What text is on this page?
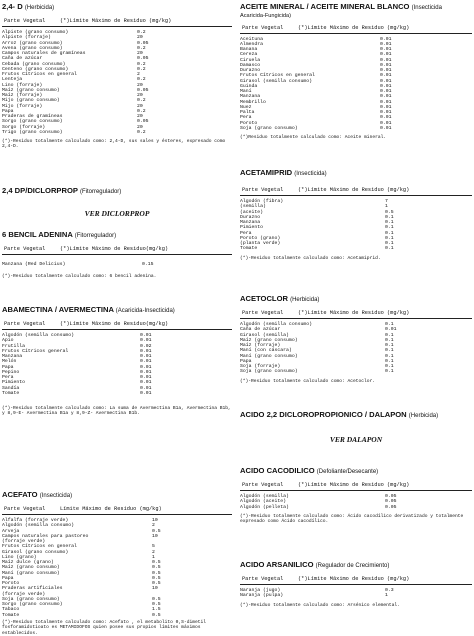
2,4- D (Herbicida)
Parte Vegetal	(*)Límite Máximo de Residuo (mg/kg)
Alpiste (grano consumo)	0.2
Alpiste (forraje)	20
Arroz (grano consumo)	0.05
Avena (grano consumo)	0.2
Campos naturales de gramíneas	20
Caña de azúcar	0.05
Cebada (grano consumo)	0.2
Centeno (grano consumo)	0.2
Frutos Cítricos en general	2
Lenteja	0.2
Lino (forraje)	20
Maíz (grano consumo)	0.05
Maíz (forraje)	20
Mijo (grano consumo)	0.2
Mijo (forraje)	20
Papa	0.2
Praderas de gramíneas	20
Sorgo (grano consumo)	0.05
Sorgo (forraje)	20
Trigo (grano consumo)	0.2
(*)-Residuo totalmente calculado como: 2,4-D, sus sales y ésteres, expresado como 2,4-D.
2,4 DP/DICLORPROP (Fitorregulador)
VER DICLORPROP
6 BENCIL ADENINA (Fitorregulador)
Parte Vegetal	(*)Límite Máximo de Residuo(mg/kg)
Manzana (Red Delicius)	0.15
(*)-Residuo totalmente calculado como: 6 bencil adenina.
ABAMECTINA / AVERMECTINA (Acaricida-Insecticida)
Parte Vegetal	(*)Límite Máximo de Residuo(mg/kg)
Algodón (semilla consumo)	0.01
Apio	0.01
Frutilla	0.02
Frutos Cítricos general	0.01
Manzana	0.01
Melón	0.01
Papa	0.01
Pepino	0.01
Pera	0.01
Pimiento	0.01
Sandía	0.01
Tomate	0.01
(*)-Residuo totalmente calculado como: La suma de Avermectina B1a, Avermectina B1b, y 8,9-E- Avermectina B1a y 8,9-Z- Avermectina B1b.
ACEFATO (Insecticida)
Parte Vegetal	Límite Máximo de Residuo (mg/kg)
Alfalfa (forraje verde)	10
Algodón (semilla consumo)	2
Arveja	0.5
Campos naturales para pastoreo	10
(forraje verde)
Frutos Cítricos en general	5
Girasol (grano consumo)	2
Lino (grano)	1
Maíz dulce (grano)	0.5
Maíz (grano consumo)	0.5
Maní (grano consumo)	0.5
Papa	0.5
Poroto	0.5
Praderas artificiales	10
(forraje verde)
Soja (grano consumo)	0.5
Sorgo (grano consumo)	0.5
Tabaco	1.5
Tomate	0.5
(*)-Residuo totalmente calculado como: Acefato , el metabolito 0,S-dimetil fosforamidotioato es METAMIDOFOS quien posee sus propios límites máximos establecidos.
ACEITE MINERAL / ACEITE MINERAL BLANCO (Insecticida
Acaricida-Fungicida)
Parte Vegetal	(*)Límite Máximo de Residuo (mg/kg)
Aceituna	0.01
Almendra	0.01
Banana	0.01
Cereza	0.01
Ciruela	0.01
Damasco	0.01
Durazno	0.01
Frutos Cítricos en general	0.01
Girasol (semilla consumo)	0.01
Guinda	0.01
Maní	0.01
Manzana	0.01
Membrillo	0.01
Nuez	0.01
Palta	0.01
Pera	0.01
Poroto	0.01
Soja (grano consumo)	0.01
(*)Residuo totalmente calculado como: Aceite mineral.
ACETAMIPRID (Insecticida)
Parte Vegetal	(*)Límite Máximo de Residuo (mg/kg)
Algodón (fibra)	7
(semilla)	1
(aceite)	0.5
Durazno	0.1
Manzana	0.1
Pimiento	0.1
Pera	0.1
Poroto (grano)	0.1
(planta verde)	0.1
Tomate	0.1
(*)-Residuo totalmente calculado como: Acetamiprid.
ACETOCLOR (Herbicida)
Parte Vegetal	(*)Límite Máximo de Residuo (mg/kg)
Algodón (semilla consumo)	0.1
Caña de azúcar	0.01
Girasol (semilla)	0.1
Maíz (grano consumo)	0.1
Maíz (forraje)	0.1
Maní (con cáscara)	0.1
Maní (grano consumo)	0.1
Papa	0.1
Soja (forraje)	0.1
Soja (grano consumo)	0.1
(*)-Residuo totalmente calculado como: Acetoclor.
ACIDO 2,2 DICLOROPROPIONICO / DALAPON (Herbicida)
VER DALAPON
ACIDO CACODILICO (Defoliante/Desecante)
Parte Vegetal	(*)Límite Máximo de Residuo (mg/kg)
Algodón (semilla)	0.05
Algodón (aceite)	0.05
Algodón (pelleta)	0.05
(*)-Residuo totalmente calculado como: Ácido cacodílico derivatizado y totalmente expresado como Ácido cacodílico.
ACIDO ARSANILICO (Regulador de Crecimiento)
Parte Vegetal	(*)Límite Máximo de Residuo (mg/kg)
Naranja (jugo)	0.3
Naranja (pulpa)	1
(*)-Residuo totalmente calculado como: Arsénico elemental.
